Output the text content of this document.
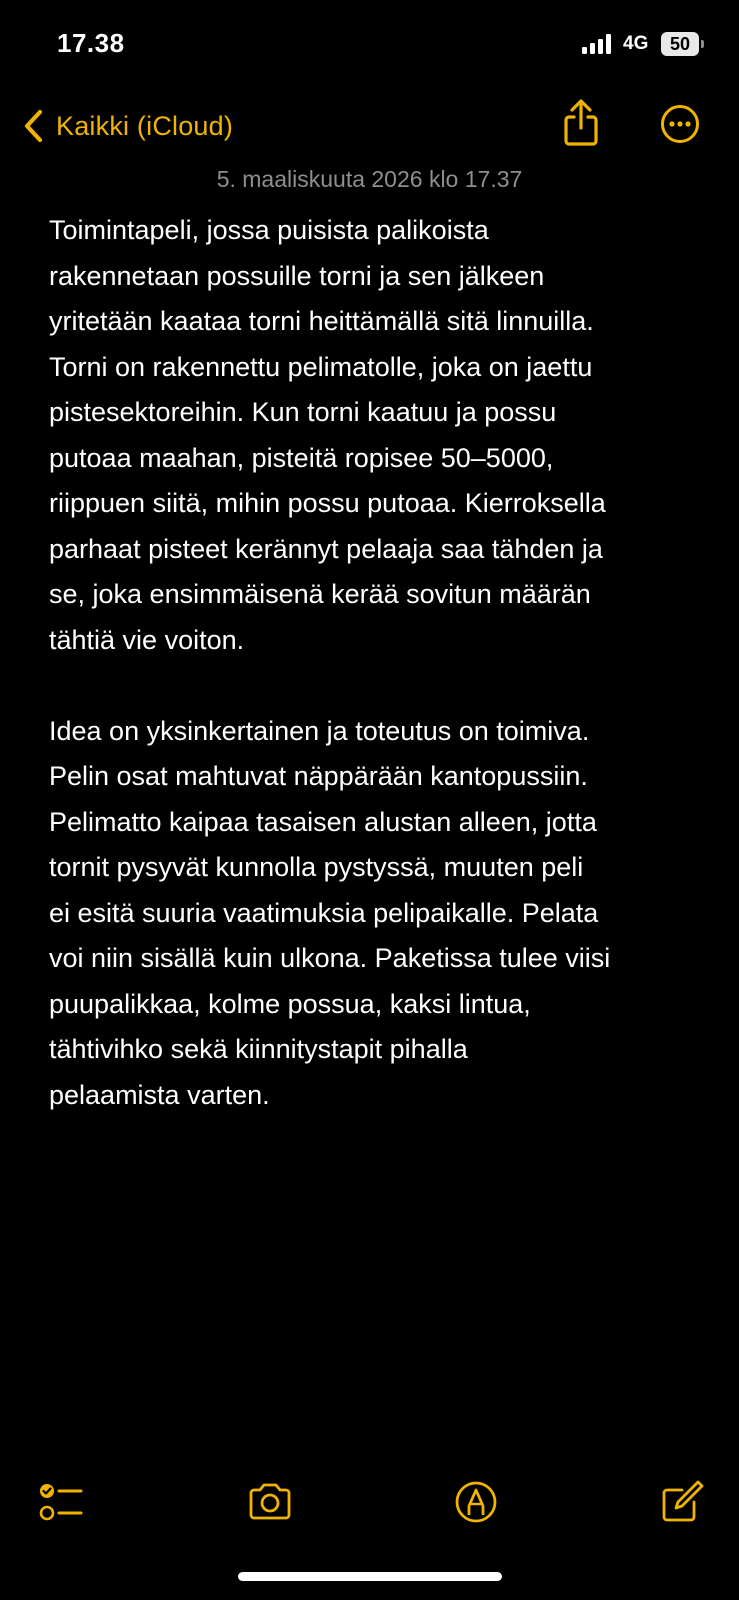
17.38	4G	50
Kaikki (iCloud)
5. maaliskuuta 2026 klo 17.37

Toimintapeli, jossa puisista palikoista
rakennetaan possuille torni ja sen jälkeen
yritetään kaataa torni heittämällä sitä linnuilla.
Torni on rakennettu pelimatolle, joka on jaettu
pistesektoreihin. Kun torni kaatuu ja possu
putoaa maahan, pisteitä ropisee 50–5000,
riippuen siitä, mihin possu putoaa. Kierroksella
parhaat pisteet kerännyt pelaaja saa tähden ja
se, joka ensimmäisenä kerää sovitun määrän
tähtiä vie voiton.

Idea on yksinkertainen ja toteutus on toimiva.
Pelin osat mahtuvat näppärään kantopussiin.
Pelimatto kaipaa tasaisen alustan alleen, jotta
tornit pysyvät kunnolla pystyssä, muuten peli
ei esitä suuria vaatimuksia pelipaikalle. Pelata
voi niin sisällä kuin ulkona. Paketissa tulee viisi
puupalikkaa, kolme possua, kaksi lintua,
tähtivihko sekä kiinnitystapit pihalla
pelaamista varten.
